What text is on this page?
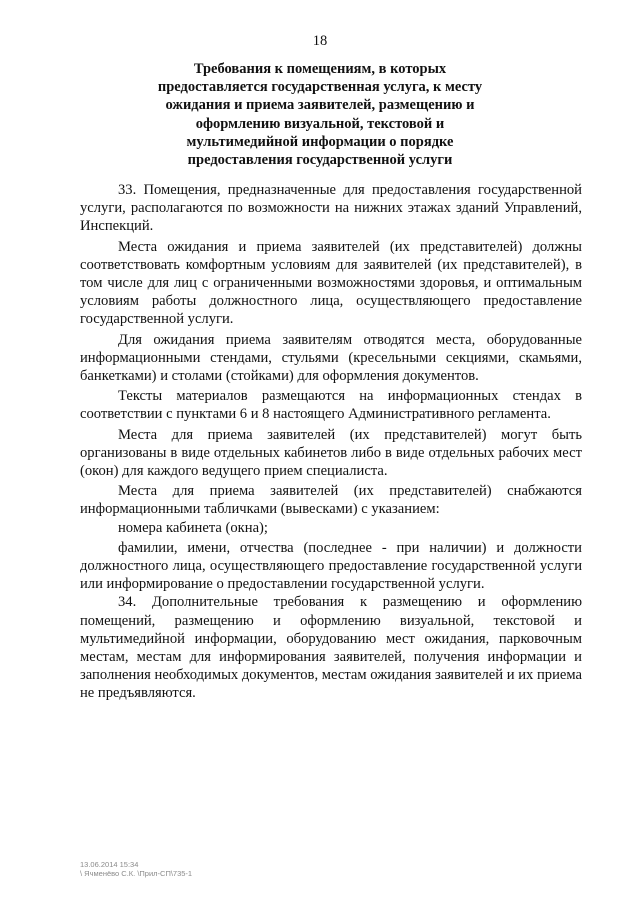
18
Требования к помещениям, в которых
предоставляется государственная услуга, к месту
ожидания и приема заявителей, размещению и
оформлению визуальной, текстовой и
мультимедийной информации о порядке
предоставления государственной услуги

33. Помещения, предназначенные для предоставления государственной услуги, располагаются по возможности на нижних этажах зданий Управлений, Инспекций.

Места ожидания и приема заявителей (их представителей) должны соответствовать комфортным условиям для заявителей (их представителей), в том числе для лиц с ограниченными возможностями здоровья, и оптимальным условиям работы должностного лица, осуществляющего предоставление государственной услуги.

Для ожидания приема заявителям отводятся места, оборудованные информационными стендами, стульями (кресельными секциями, скамьями, банкетками) и столами (стойками) для оформления документов.

Тексты материалов размещаются на информационных стендах в соответствии с пунктами 6 и 8 настоящего Административного регламента.

Места для приема заявителей (их представителей) могут быть организованы в виде отдельных кабинетов либо в виде отдельных рабочих мест (окон) для каждого ведущего прием специалиста.

Места для приема заявителей (их представителей) снабжаются информационными табличками (вывесками) с указанием:

номера кабинета (окна);

фамилии, имени, отчества (последнее - при наличии) и должности должностного лица, осуществляющего предоставление государственной услуги или информирование о предоставлении государственной услуги.

34. Дополнительные требования к размещению и оформлению помещений, размещению и оформлению визуальной, текстовой и мультимедийной информации, оборудованию мест ожидания, парковочным местам, местам для информирования заявителей, получения информации и заполнения необходимых документов, местам ожидания заявителей и их приема не предъявляются.

13.06.2014 15:34
\ Ячменёво С.К. \Прил-СП\735-1
